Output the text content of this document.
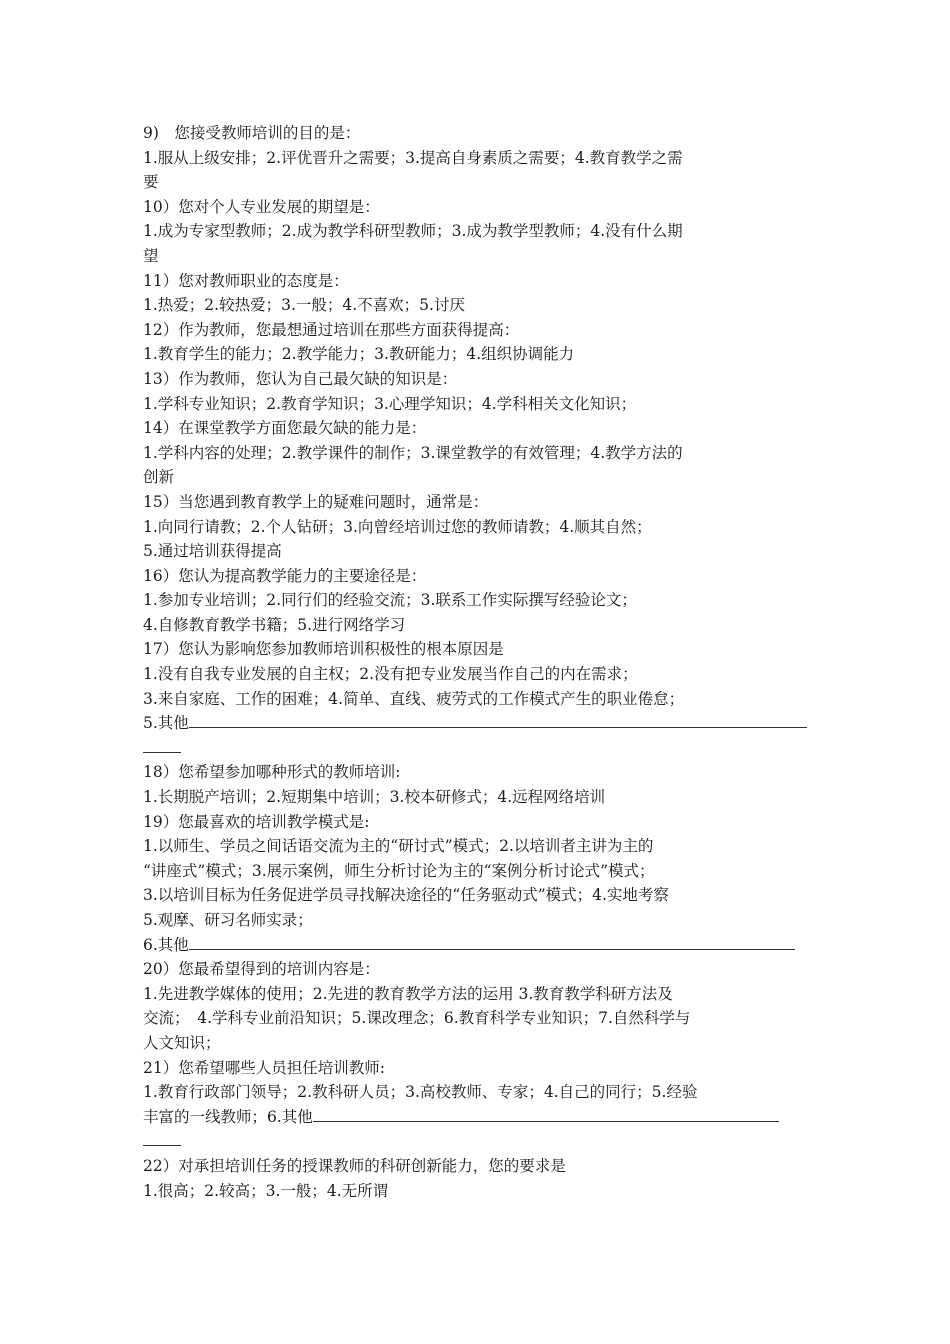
9)　您接受教师培训的目的是：
1.服从上级安排；2.评优晋升之需要；3.提高自身素质之需要；4.教育教学之需
要
10）您对个人专业发展的期望是：
1.成为专家型教师；2.成为教学科研型教师；3.成为教学型教师；4.没有什么期
望
11）您对教师职业的态度是：
1.热爱；2.较热爱；3.一般；4.不喜欢；5.讨厌
12）作为教师，您最想通过培训在那些方面获得提高：
1.教育学生的能力；2.教学能力；3.教研能力；4.组织协调能力
13）作为教师，您认为自己最欠缺的知识是：
1.学科专业知识；2.教育学知识；3.心理学知识；4.学科相关文化知识；
14）在课堂教学方面您最欠缺的能力是：
1.学科内容的处理；2.教学课件的制作；3.课堂教学的有效管理；4.教学方法的
创新
15）当您遇到教育教学上的疑难问题时，通常是：
1.向同行请教；2.个人钻研；3.向曾经培训过您的教师请教；4.顺其自然；
5.通过培训获得提高
16）您认为提高教学能力的主要途径是：
1.参加专业培训；2.同行们的经验交流；3.联系工作实际撰写经验论文；
4.自修教育教学书籍；5.进行网络学习
17）您认为影响您参加教师培训积极性的根本原因是
1.没有自我专业发展的自主权；2.没有把专业发展当作自己的内在需求；
3.来自家庭、工作的困难；4.简单、直线、疲劳式的工作模式产生的职业倦怠；
5.其他
18）您希望参加哪种形式的教师培训:
1.长期脱产培训；2.短期集中培训；3.校本研修式；4.远程网络培训
19）您最喜欢的培训教学模式是:
1.以师生、学员之间话语交流为主的“研讨式”模式；2.以培训者主讲为主的
“讲座式”模式；3.展示案例，师生分析讨论为主的“案例分析讨论式”模式；
3.以培训目标为任务促进学员寻找解决途径的“任务驱动式”模式；4.实地考察
5.观摩、研习名师实录；
6.其他
20）您最希望得到的培训内容是：
1.先进教学媒体的使用；2.先进的教育教学方法的运用 3.教育教学科研方法及
交流；　4.学科专业前沿知识；5.课改理念；6.教育科学专业知识；7.自然科学与
人文知识；
21）您希望哪些人员担任培训教师:
1.教育行政部门领导；2.教科研人员；3.高校教师、专家；4.自己的同行；5.经验
丰富的一线教师；6.其他
22）对承担培训任务的授课教师的科研创新能力，您的要求是
1.很高；2.较高；3.一般；4.无所谓
